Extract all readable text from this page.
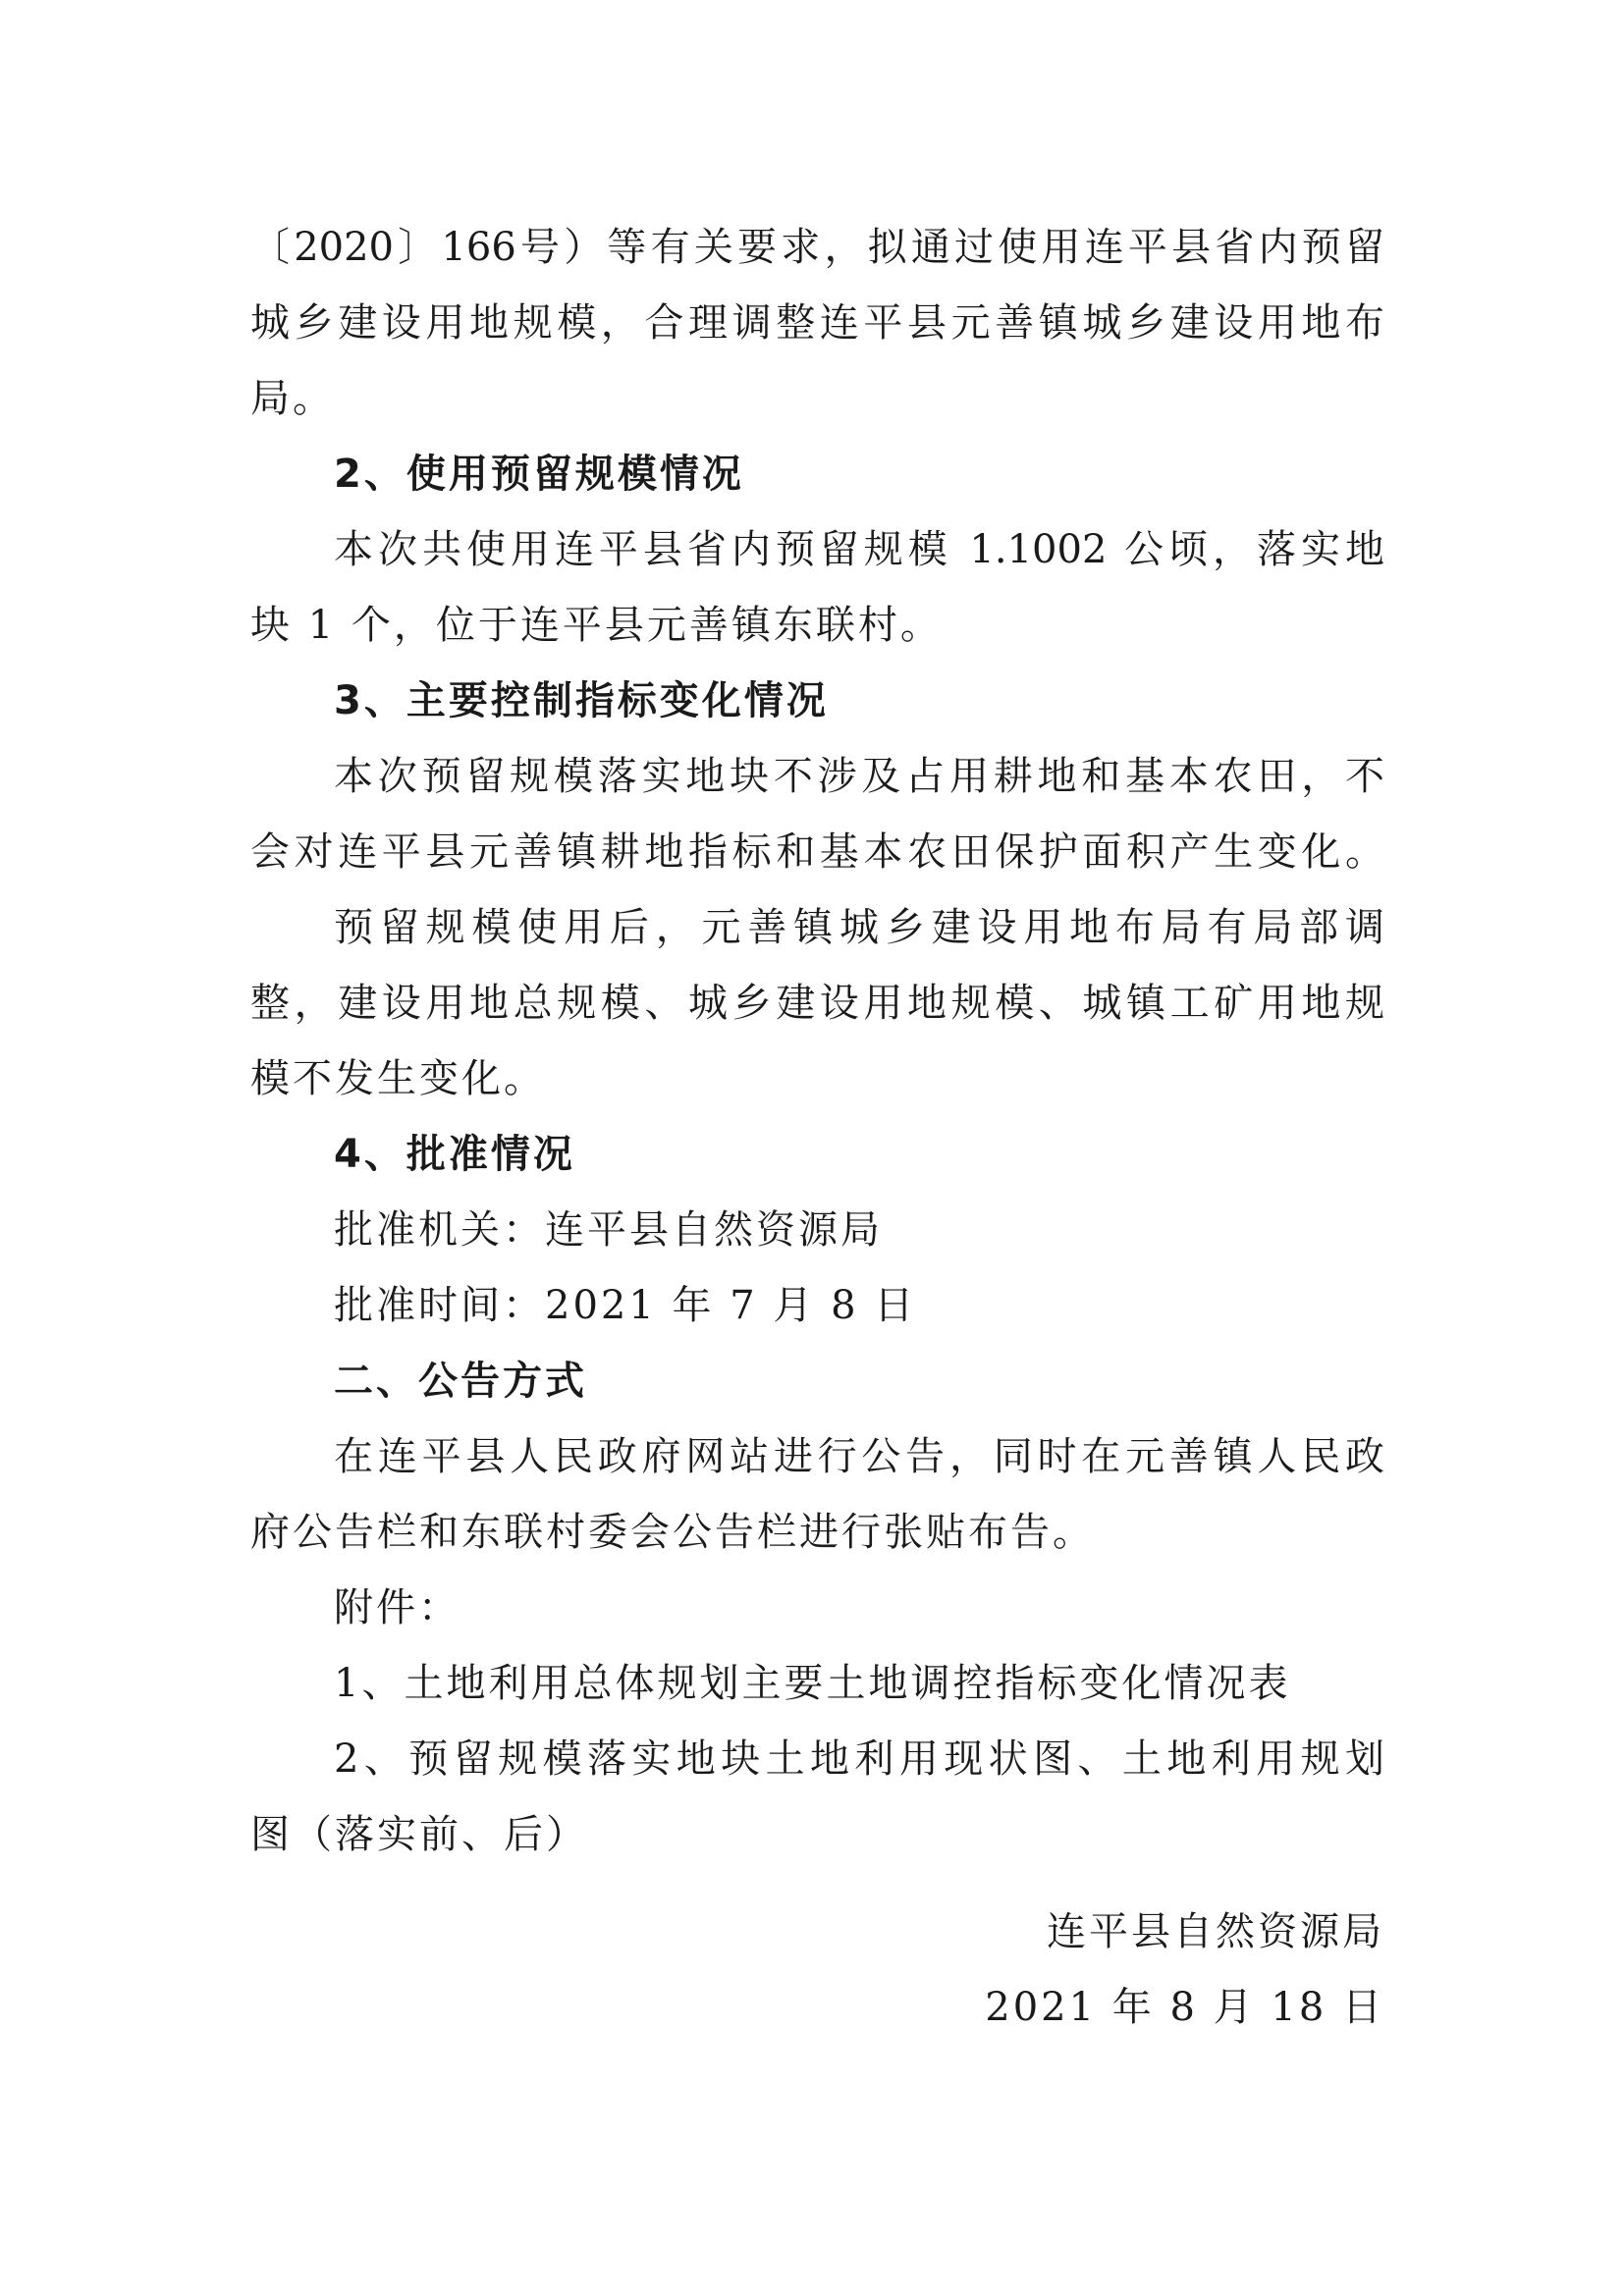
〔2020〕166号）等有关要求，拟通过使用连平县省内预留
城乡建设用地规模，合理调整连平县元善镇城乡建设用地布
局。
2、使用预留规模情况
本次共使用连平县省内预留规模 1.1002 公顷，落实地
块 1 个，位于连平县元善镇东联村。
3、主要控制指标变化情况
本次预留规模落实地块不涉及占用耕地和基本农田，不
会对连平县元善镇耕地指标和基本农田保护面积产生变化。
预留规模使用后，元善镇城乡建设用地布局有局部调
整，建设用地总规模、城乡建设用地规模、城镇工矿用地规
模不发生变化。
4、批准情况
批准机关：连平县自然资源局
批准时间：2021 年 7 月 8 日
二、公告方式
在连平县人民政府网站进行公告，同时在元善镇人民政
府公告栏和东联村委会公告栏进行张贴布告。
附件：
1、土地利用总体规划主要土地调控指标变化情况表
2、预留规模落实地块土地利用现状图、土地利用规划
图（落实前、后）
连平县自然资源局
2021 年 8 月 18 日
